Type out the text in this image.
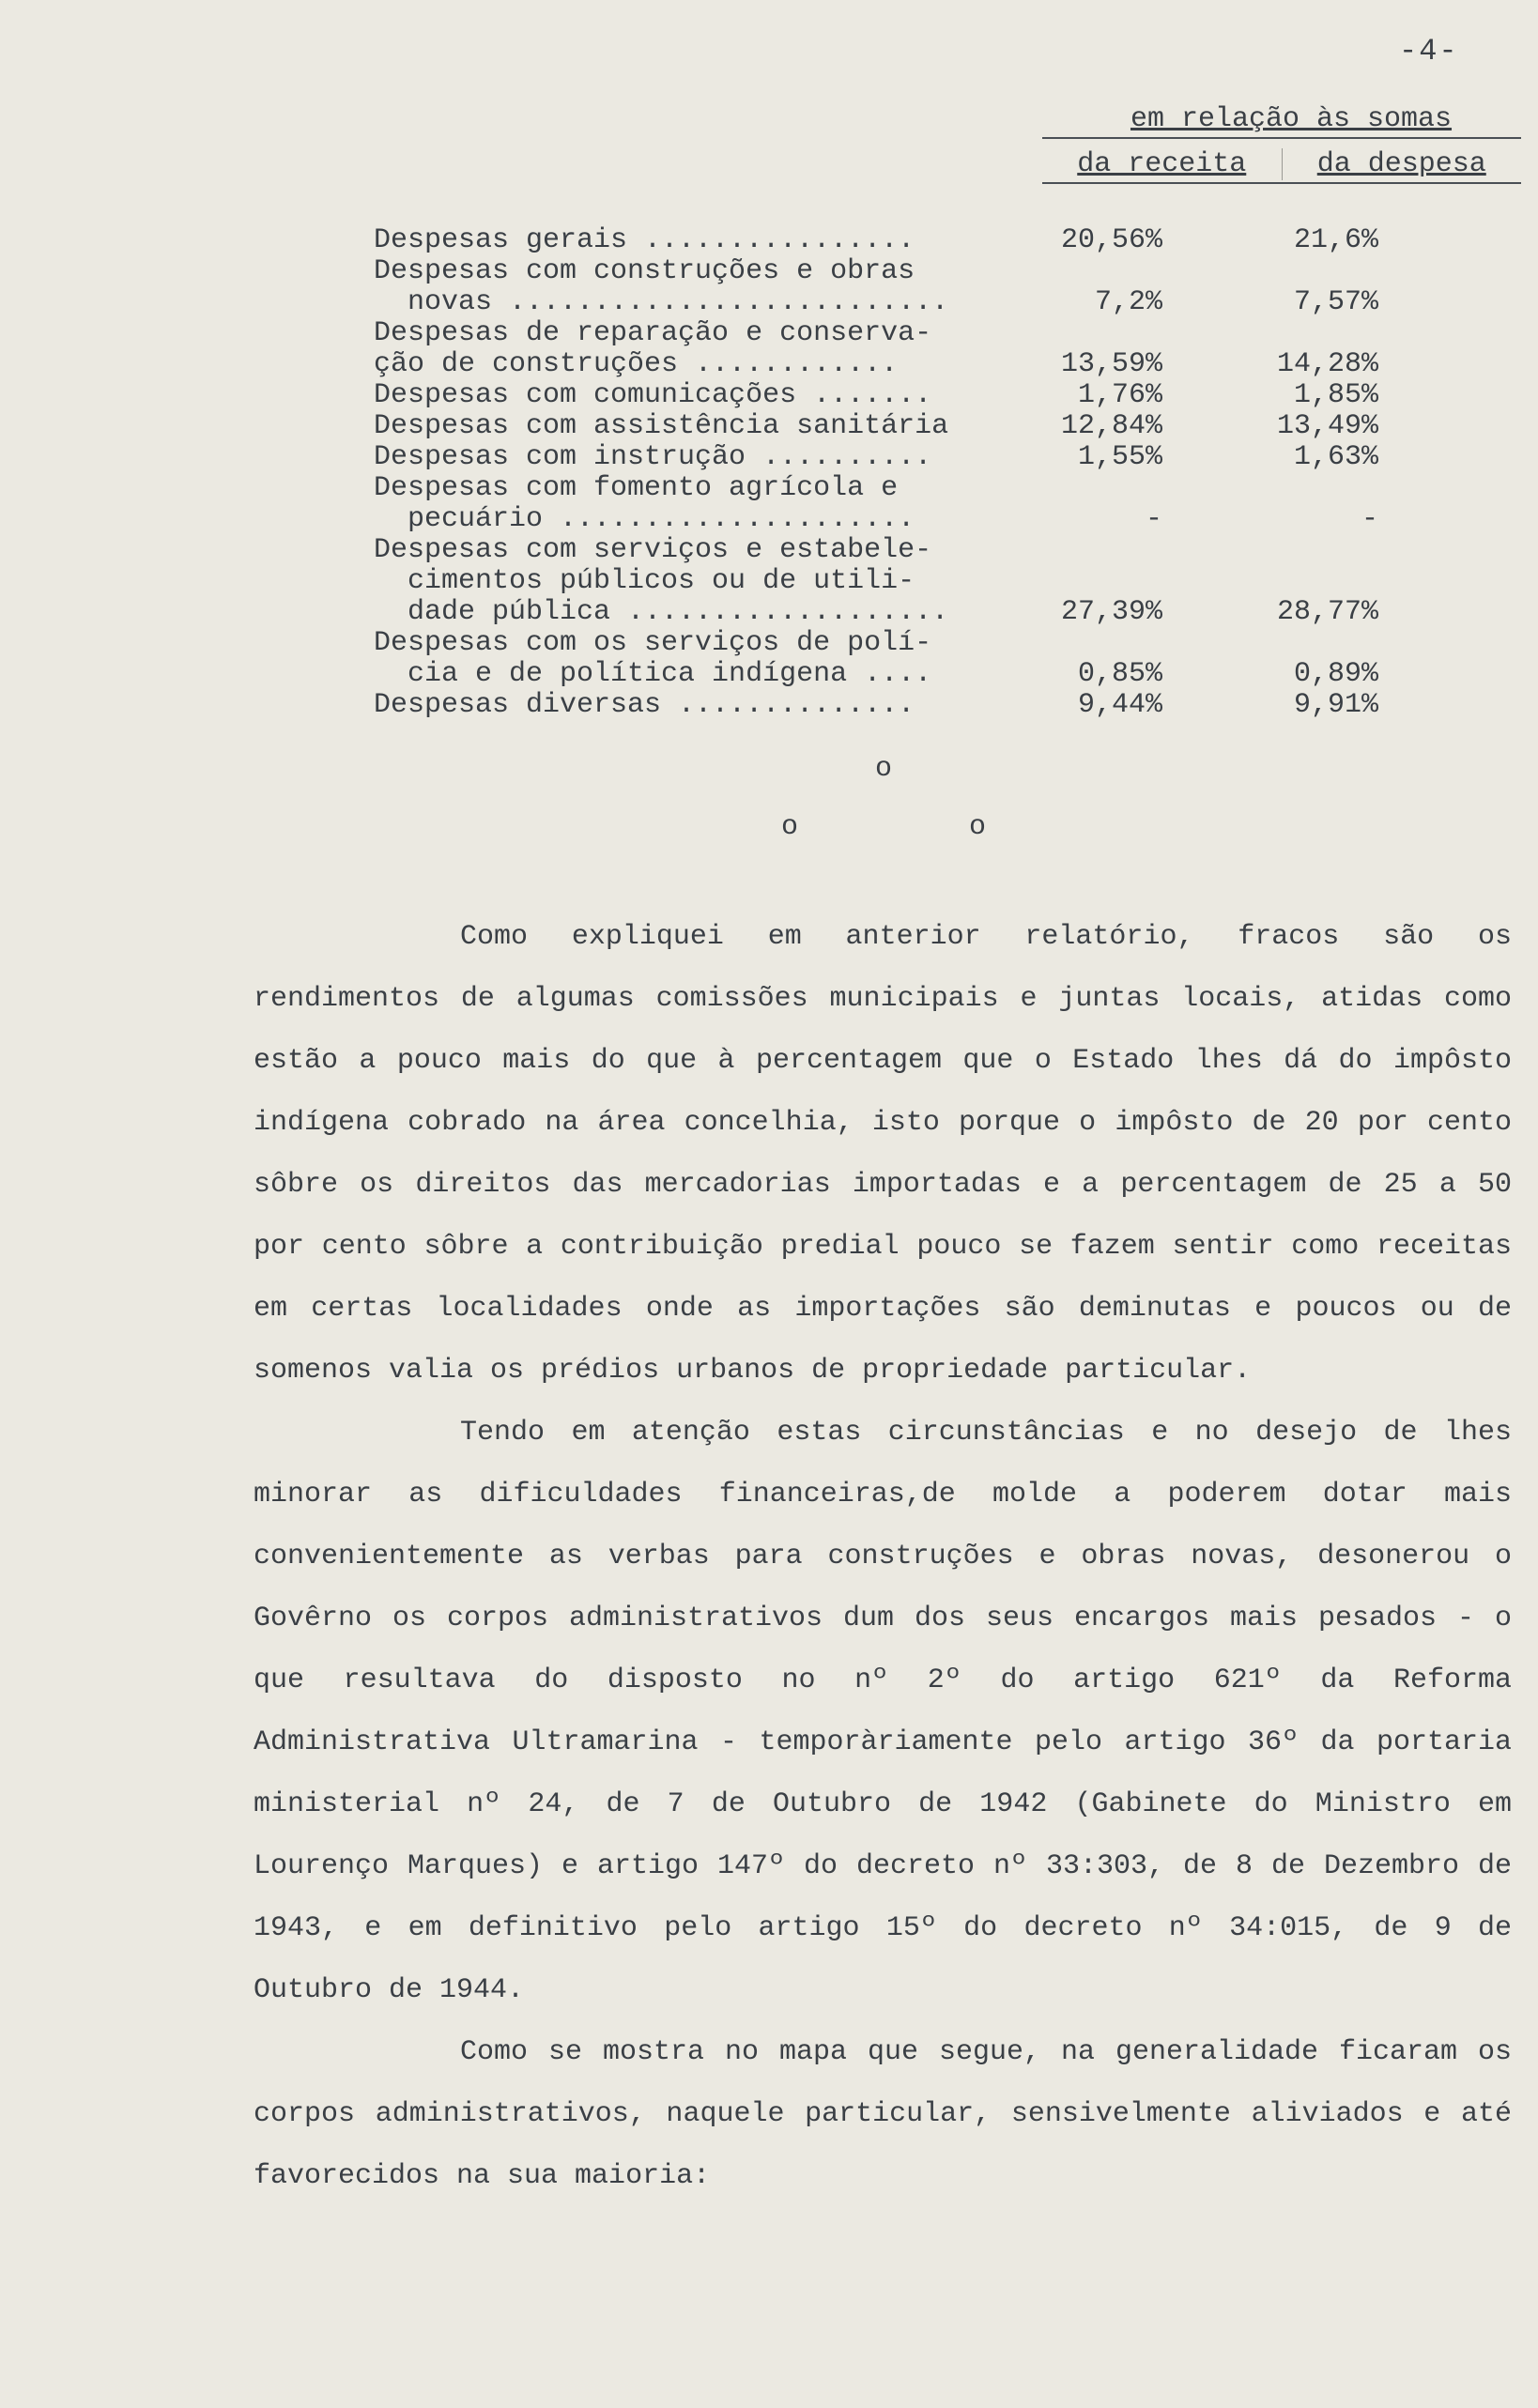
-4-
em relação às somas
da receita	da despesa
Despesas gerais ................	20,56%	21,6%
Despesas com construções e obras
novas ..........................	7,2%	7,57%
Despesas de reparação e conserva-
ção de construções ............	13,59%	14,28%
Despesas com comunicações .......	1,76%	1,85%
Despesas com assistência sanitária	12,84%	13,49%
Despesas com instrução ..........	1,55%	1,63%
Despesas com fomento agrícola e
pecuário .....................	-	-
Despesas com serviços e estabele-
cimentos públicos ou de utili-
dade pública ...................	27,39%	28,77%
Despesas com os serviços de polí-
cia e de política indígena ....	0,85%	0,89%
Despesas diversas ..............	9,44%	9,91%
o
o	o

Como expliquei em anterior relatório, fracos são os rendimentos de algumas comissões municipais e juntas locais, atidas como estão a pouco mais do que à percentagem que o Estado lhes dá do impôsto indígena cobrado na área concelhia, isto porque o impôsto de 20 por cento sôbre os direitos das mercadorias importadas e a percentagem de 25 a 50 por cento sôbre a contribuição predial pouco se fazem sentir como receitas em certas localidades onde as importações são deminutas e poucos ou de somenos valia os prédios urbanos de propriedade particular.

Tendo em atenção estas circunstâncias e no desejo de lhes minorar as dificuldades financeiras,de molde a poderem dotar mais convenientemente as verbas para construções e obras novas, desonerou o Govêrno os corpos administrativos dum dos seus encargos mais pesados - o que resultava do disposto no nº 2º do artigo 621º da Reforma Administrativa Ultramarina - temporàriamente pelo artigo 36º da portaria ministerial nº 24, de 7 de Outubro de 1942 (Gabinete do Ministro em Lourenço Marques) e artigo 147º do decreto nº 33:303, de 8 de Dezembro de 1943, e em definitivo pelo artigo 15º do decreto nº 34:015, de 9 de Outubro de 1944.

Como se mostra no mapa que segue, na generalidade ficaram os corpos administrativos, naquele particular, sensivelmente aliviados e até favorecidos na sua maioria:
